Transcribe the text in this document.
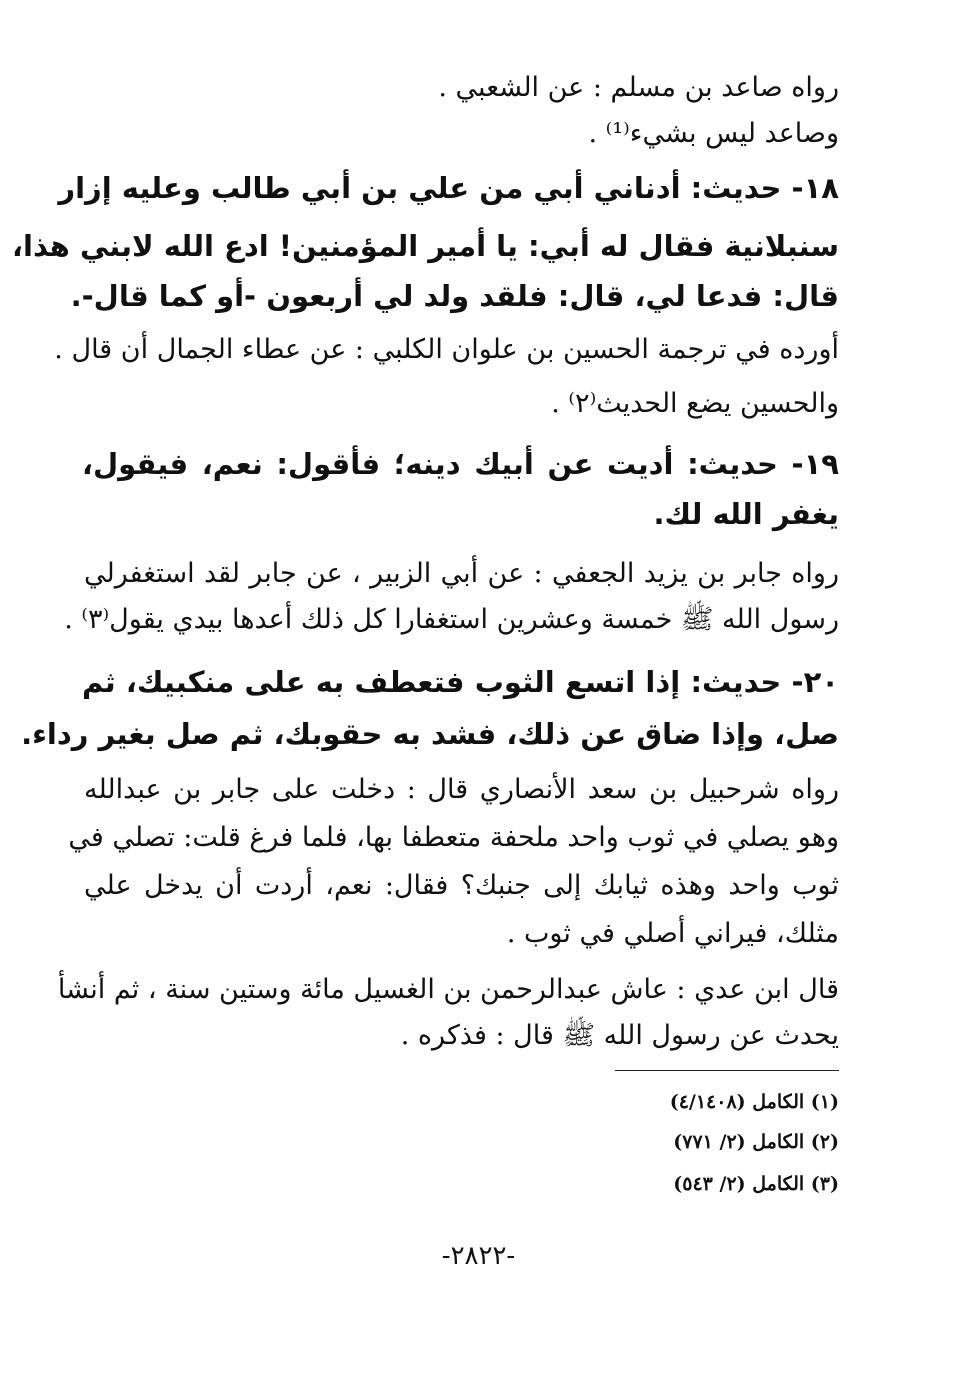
رواه صاعد بن مسلم : عن الشعبي .
وصاعد ليس بشيء⁽¹⁾ .
١٨- حديث: أدناني أبي من علي بن أبي طالب وعليه إزار
سنبلانية فقال له أبي: يا أمير المؤمنين! ادع الله لابني هذا،
قال: فدعا لي، قال: فلقد ولد لي أربعون -أو كما قال-.
أورده في ترجمة الحسين بن علوان الكلبي : عن عطاء الجمال أن قال .
والحسين يضع الحديث⁽٢⁾ .
١٩- حديث: أديت عن أبيك دينه؛ فأقول: نعم، فيقول،
يغفر الله لك.
رواه جابر بن يزيد الجعفي : عن أبي الزبير ، عن جابر لقد استغفرلي
رسول الله ﷺ خمسة وعشرين استغفارا كل ذلك أعدها بيدي يقول⁽٣⁾ .
٢٠- حديث: إذا اتسع الثوب فتعطف به على منكبيك، ثم
صل، وإذا ضاق عن ذلك، فشد به حقوبك، ثم صل بغير رداء.
رواه شرحبيل بن سعد الأنصاري قال : دخلت على جابر بن عبدالله
وهو يصلي في ثوب واحد ملحفة متعطفا بها، فلما فرغ قلت: تصلي في
ثوب واحد وهذه ثيابك إلى جنبك؟ فقال: نعم، أردت أن يدخل علي
مثلك، فيراني أصلي في ثوب .
قال ابن عدي : عاش عبدالرحمن بن الغسيل مائة وستين سنة ، ثم أنشأ
يحدث عن رسول الله ﷺ قال : فذكره .
(١) الكامل (٤/١٤٠٨)
(٢) الكامل (٢/ ٧٧١)
(٣) الكامل (٢/ ٥٤٣)
-٢٨٢٢-
